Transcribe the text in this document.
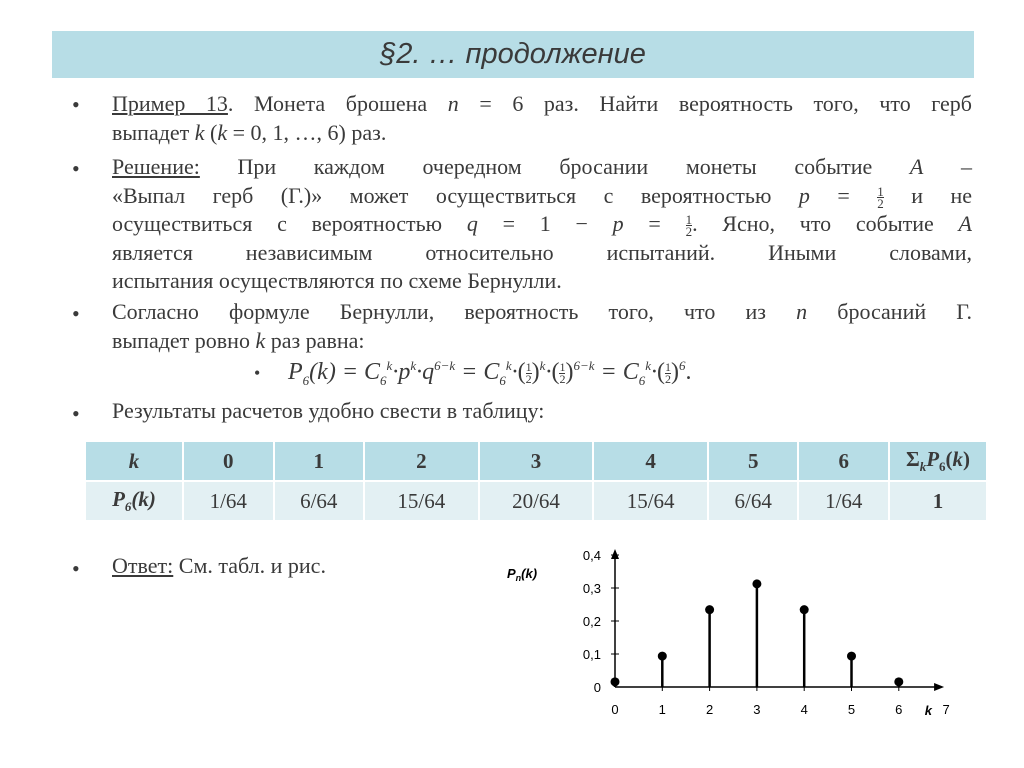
§2. … продолжение
• Пример 13. Монета брошена n = 6 раз. Найти вероятность того, что герб
выпадет k (k = 0, 1, …, 6) раз.
• Решение: При каждом очередном бросании монеты событие A –
«Выпал герб (Г.)» может осуществиться с вероятностью $p = \frac{1}{2}$ и не
осуществиться с вероятностью $q = 1 - p = \frac{1}{2}$ . Ясно, что событие A
является независимым относительно испытаний. Иными словами,
испытания осуществляются по схеме Бернулли.
• Согласно формуле Бернулли, вероятность того, что из n бросаний Г.
выпадет ровно k раз равна:
• $P_6(k) = C_6^k\cdot p^k\cdot q^{6-k} = C_6^k\cdot( \frac{1}{2} )^k\cdot( \frac{1}{2} )^{6-k} = C_6^k\cdot( \frac{1}{2} )^6$.
• Результаты расчетов удобно свести в таблицу:
k	0	1	2	3	4	5	6	$\Sigma_kP_6(k)$
$P_6(k)$	1/64	6/64	15/64	20/64	15/64	6/64	1/64	1
• Ответ: См. табл. и рис.
0
0,1
0,2
0,3
0,4
0	1	2	3	4	5	6	7
k
$P_n(k)$
